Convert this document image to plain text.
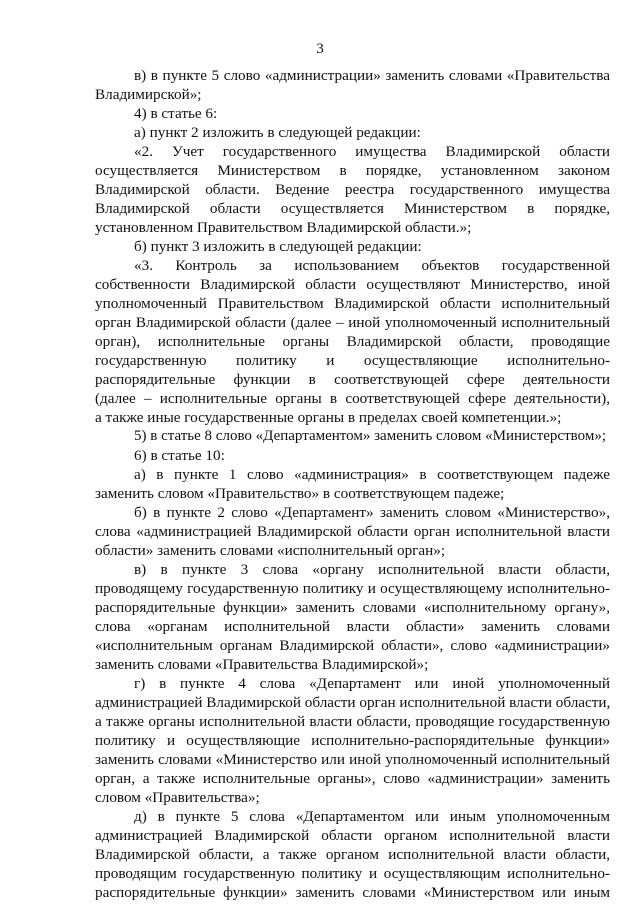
3
в) в пункте 5 слово «администрации» заменить словами «Правительства
Владимирской»;
4) в статье 6:
а) пункт 2 изложить в следующей редакции:
«2. Учет государственного имущества Владимирской области
осуществляется Министерством в порядке, установленном законом
Владимирской области. Ведение реестра государственного имущества
Владимирской области осуществляется Министерством в порядке,
установленном Правительством Владимирской области.»;
б) пункт 3 изложить в следующей редакции:
«3. Контроль за использованием объектов государственной
собственности Владимирской области осуществляют Министерство, иной
уполномоченный Правительством Владимирской области исполнительный
орган Владимирской области (далее – иной уполномоченный исполнительный
орган), исполнительные органы Владимирской области, проводящие
государственную политику и осуществляющие исполнительно-
распорядительные функции в соответствующей сфере деятельности
(далее – исполнительные органы в соответствующей сфере деятельности),
а также иные государственные органы в пределах своей компетенции.»;
5) в статье 8 слово «Департаментом» заменить словом «Министерством»;
6) в статье 10:
а) в пункте 1 слово «администрация» в соответствующем падеже
заменить словом «Правительство» в соответствующем падеже;
б) в пункте 2 слово «Департамент» заменить словом «Министерство»,
слова «администрацией Владимирской области орган исполнительной власти
области» заменить словами «исполнительный орган»;
в) в пункте 3 слова «органу исполнительной власти области,
проводящему государственную политику и осуществляющему исполнительно-
распорядительные функции» заменить словами «исполнительному органу»,
слова «органам исполнительной власти области» заменить словами
«исполнительным органам Владимирской области», слово «администрации»
заменить словами «Правительства Владимирской»;
г) в пункте 4 слова «Департамент или иной уполномоченный
администрацией Владимирской области орган исполнительной власти области,
а также органы исполнительной власти области, проводящие государственную
политику и осуществляющие исполнительно-распорядительные функции»
заменить словами «Министерство или иной уполномоченный исполнительный
орган, а также исполнительные органы», слово «администрации» заменить
словом «Правительства»;
д) в пункте 5 слова «Департаментом или иным уполномоченным
администрацией Владимирской области органом исполнительной власти
Владимирской области, а также органом исполнительной власти области,
проводящим государственную политику и осуществляющим исполнительно-
распорядительные функции» заменить словами «Министерством или иным
